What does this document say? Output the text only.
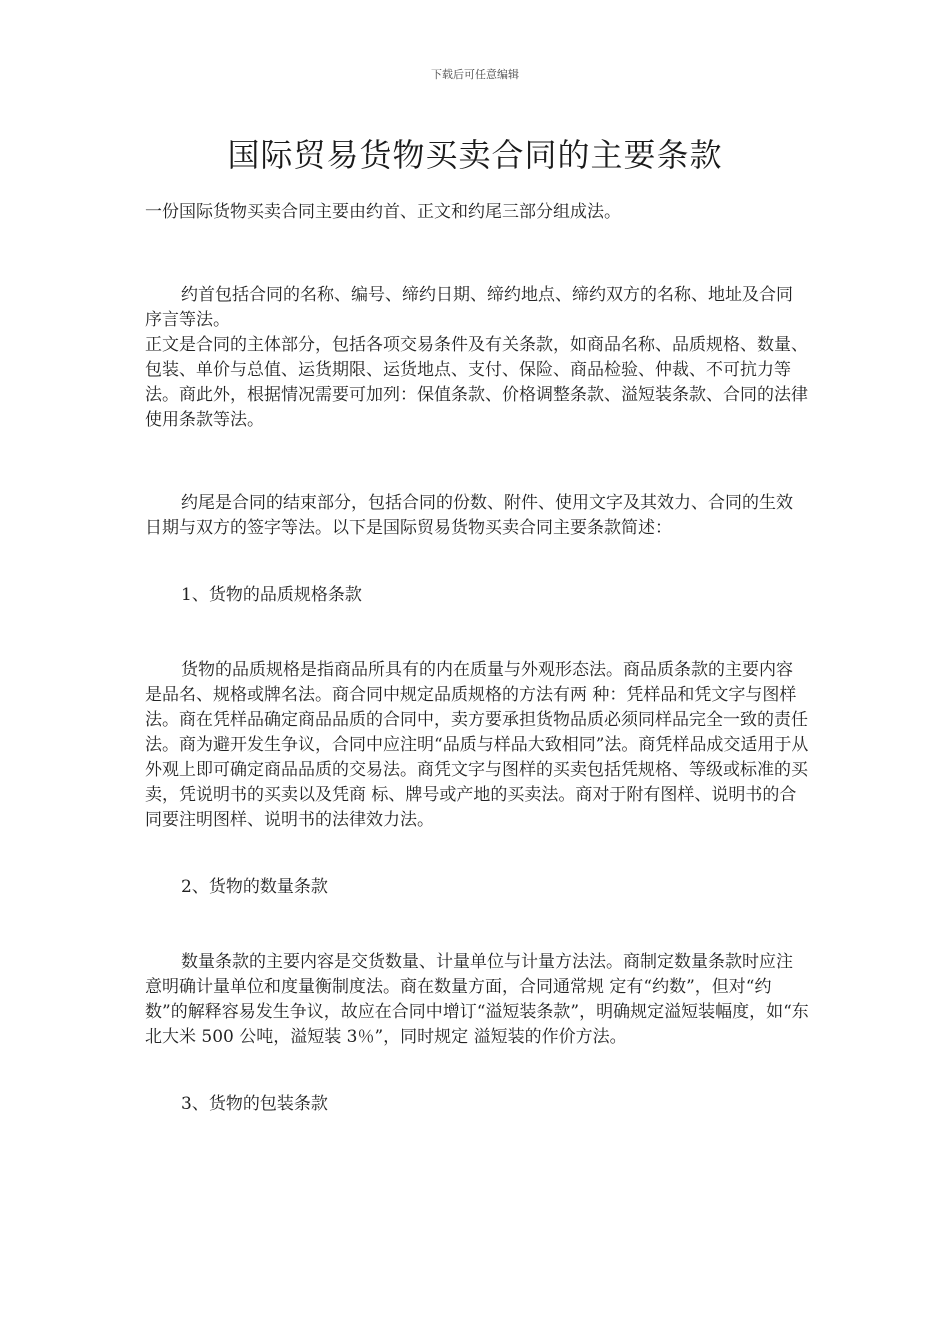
下载后可任意编辑
国际贸易货物买卖合同的主要条款

一份国际货物买卖合同主要由约首、正文和约尾三部分组成法。

约首包括合同的名称、编号、缔约日期、缔约地点、缔约双方的名称、地址及合同序言等法。

正文是合同的主体部分，包括各项交易条件及有关条款，如商品名称、品质规格、数量、包装、单价与总值、运货期限、运货地点、支付、保险、商品检验、仲裁、不可抗力等法。商此外，根据情况需要可加列：保值条款、价格调整条款、溢短装条款、合同的法律使用条款等法。

约尾是合同的结束部分，包括合同的份数、附件、使用文字及其效力、合同的生效日期与双方的签字等法。以下是国际贸易货物买卖合同主要条款简述：

1、货物的品质规格条款

货物的品质规格是指商品所具有的内在质量与外观形态法。商品质条款的主要内容是品名、规格或牌名法。商合同中规定品质规格的方法有两 种：凭样品和凭文字与图样法。商在凭样品确定商品品质的合同中，卖方要承担货物品质必须同样品完全一致的责任法。商为避开发生争议，合同中应注明“品质与样品大致相同”法。商凭样品成交适用于从外观上即可确定商品品质的交易法。商凭文字与图样的买卖包括凭规格、等级或标准的买卖，凭说明书的买卖以及凭商 标、牌号或产地的买卖法。商对于附有图样、说明书的合同要注明图样、说明书的法律效力法。

2、货物的数量条款

数量条款的主要内容是交货数量、计量单位与计量方法法。商制定数量条款时应注意明确计量单位和度量衡制度法。商在数量方面，合同通常规 定有“约数”，但对“约数”的解释容易发生争议，故应在合同中增订“溢短装条款”，明确规定溢短装幅度，如“东北大米 500 公吨，溢短装 3％”，同时规定 溢短装的作价方法。

3、货物的包装条款
